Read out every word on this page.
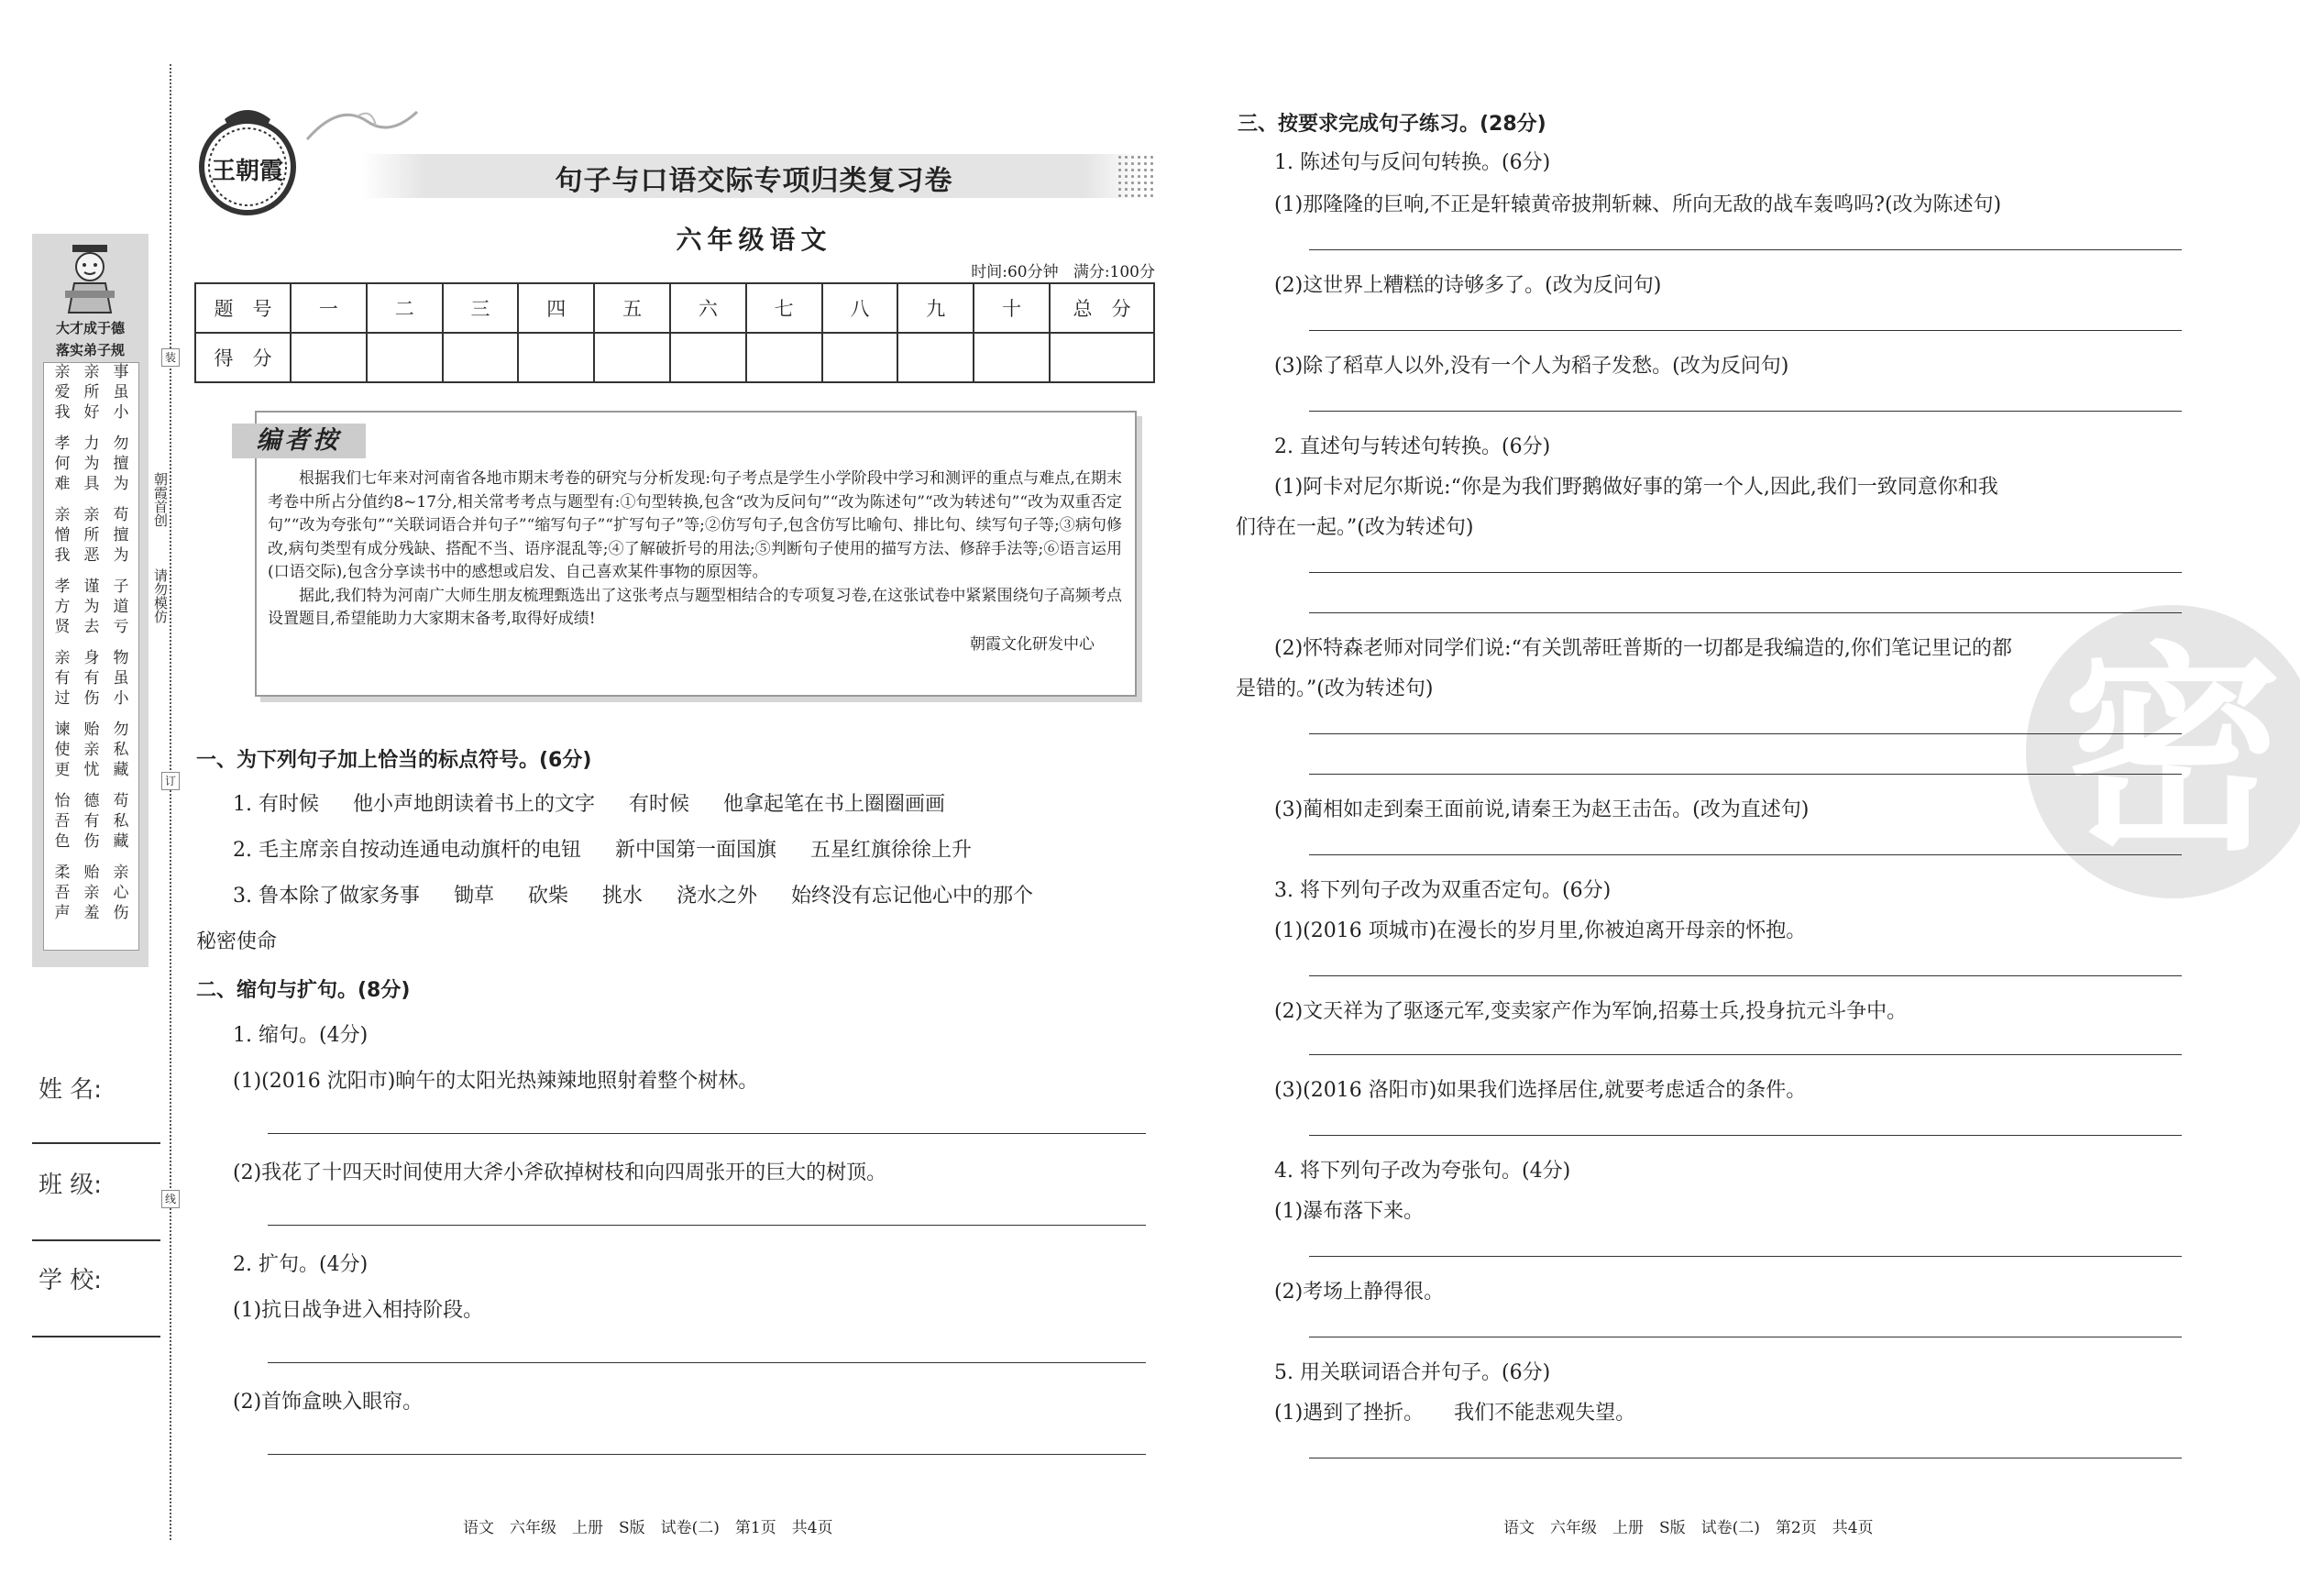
大才成于德
落实弟子规
亲爱我
亲所好
事虽小
孝何难
力为具
勿擅为
亲憎我
亲所恶
苟擅为
孝方贤
谨为去
子道亏
亲有过
身有伤
物虽小
谏使更
贻亲忧
勿私藏
怡吾色
德有伤
苟私藏
柔吾声
贻亲羞
亲心伤
装
订
线
朝霞首创
请勿模仿
姓 名:
班 级:
学 校:
王朝霞	句子与口语交际专项归类复习卷
六年级语文
时间:60分钟   满分:100分
题　号	一	二	三	四	五	六	七	八	九	十	总　分
得　分											
编者按
根据我们七年来对河南省各地市期末考卷的研究与分析发现:句子考点是学生小学阶段中学习和测评的重点与难点,在期末考卷中所占分值约8~17分,相关常考考点与题型有:①句型转换,包含“改为反问句”“改为陈述句”“改为转述句”“改为双重否定句”“改为夸张句”“关联词语合并句子”“缩写句子”“扩写句子”等;②仿写句子,包含仿写比喻句、排比句、续写句子等;③病句修改,病句类型有成分残缺、搭配不当、语序混乱等;④了解破折号的用法;⑤判断句子使用的描写方法、修辞手法等;⑥语言运用(口语交际),包含分享读书中的感想或启发、自己喜欢某件事物的原因等。
据此,我们特为河南广大师生朋友梳理甄选出了这张考点与题型相结合的专项复习卷,在这张试卷中紧紧围绕句子高频考点设置题目,希望能助力大家期末备考,取得好成绩!
朝霞文化研发中心
一、为下列句子加上恰当的标点符号。(6分)
1. 有时候 他小声地朗读着书上的文字 有时候 他拿起笔在书上圈圈画画
2. 毛主席亲自按动连通电动旗杆的电钮 新中国第一面国旗 五星红旗徐徐上升
3. 鲁本除了做家务事 锄草 砍柴 挑水 浇水之外 始终没有忘记他心中的那个
秘密使命
二、缩句与扩句。(8分)
1. 缩句。(4分)
(1)(2016 沈阳市)晌午的太阳光热辣辣地照射着整个树林。
(2)我花了十四天时间使用大斧小斧砍掉树枝和向四周张开的巨大的树顶。
2. 扩句。(4分)
(1)抗日战争进入相持阶段。
(2)首饰盒映入眼帘。
语文　六年级　上册　S版　试卷(二)　第1页　共4页
密
三、按要求完成句子练习。(28分)
1. 陈述句与反问句转换。(6分)
(1)那隆隆的巨响,不正是轩辕黄帝披荆斩棘、所向无敌的战车轰鸣吗?(改为陈述句)
(2)这世界上糟糕的诗够多了。(改为反问句)
(3)除了稻草人以外,没有一个人为稻子发愁。(改为反问句)
2. 直述句与转述句转换。(6分)
(1)阿卡对尼尔斯说:“你是为我们野鹅做好事的第一个人,因此,我们一致同意你和我
们待在一起。”(改为转述句)
(2)怀特森老师对同学们说:“有关凯蒂旺普斯的一切都是我编造的,你们笔记里记的都
是错的。”(改为转述句)
(3)蔺相如走到秦王面前说,请秦王为赵王击缶。(改为直述句)
3. 将下列句子改为双重否定句。(6分)
(1)(2016 项城市)在漫长的岁月里,你被迫离开母亲的怀抱。
(2)文天祥为了驱逐元军,变卖家产作为军饷,招募士兵,投身抗元斗争中。
(3)(2016 洛阳市)如果我们选择居住,就要考虑适合的条件。
4. 将下列句子改为夸张句。(4分)
(1)瀑布落下来。
(2)考场上静得很。
5. 用关联词语合并句子。(6分)
(1)遇到了挫折。 我们不能悲观失望。
语文　六年级　上册　S版　试卷(二)　第2页　共4页
